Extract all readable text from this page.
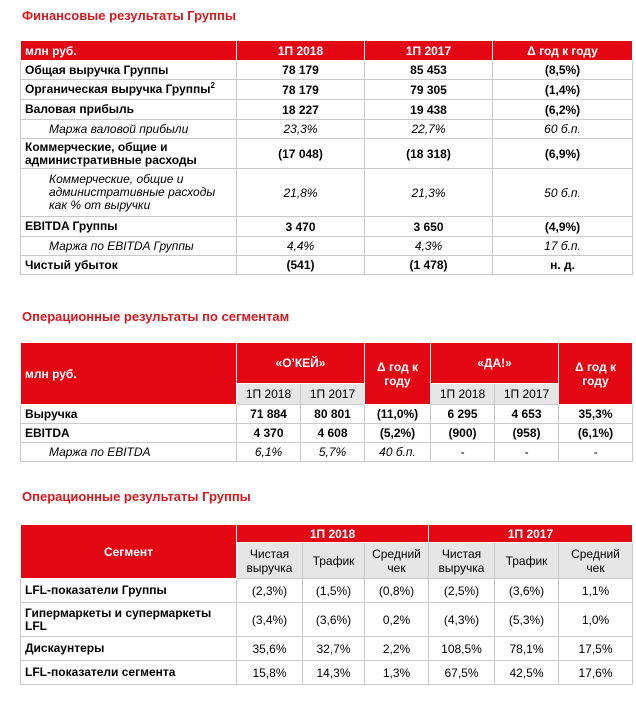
Финансовые результаты Группы
млн руб.	1П 2018	1П 2017	Δ год к году
Общая выручка Группы	78 179	85 453	(8,5%)
Органическая выручка Группы$^2$	78 179	79 305	(1,4%)
Валовая прибыль	18 227	19 438	(6,2%)
Маржа валовой прибыли	23,3%	22,7%	60 б.п.
Коммерческие, общие и административные расходы	(17 048)	(18 318)	(6,9%)
Коммерческие, общие и административные расходы как % от выручки	21,8%	21,3%	50 б.п.
EBITDA Группы	3 470	3 650	(4,9%)
Маржа по EBITDA Группы	4,4%	4,3%	17 б.п.
Чистый убыток	(541)	(1 478)	н. д.
Операционные результаты по сегментам
млн руб.	«О’КЕЙ»		Δ год к году	«ДА!»		Δ год к году
	1П 2018	1П 2017		1П 2018	1П 2017	
Выручка	71 884	80 801	(11,0%)	6 295	4 653	35,3%
EBITDA	4 370	4 608	(5,2%)	(900)	(958)	(6,1%)
Маржа по EBITDA	6,1%	5,7%	40 б.п.	-	-	-
Операционные результаты Группы
Сегмент	1П 2018			1П 2017		
	Чистая выручка	Трафик	Средний чек	Чистая выручка	Трафик	Средний чек
LFL-показатели Группы	(2,3%)	(1,5%)	(0,8%)	(2,5%)	(3,6%)	1,1%
Гипермаркеты и супермаркеты LFL	(3,4%)	(3,6%)	0,2%	(4,3%)	(5,3%)	1,0%
Дискаунтеры	35,6%	32,7%	2,2%	108,5%	78,1%	17,5%
LFL-показатели сегмента	15,8%	14,3%	1,3%	67,5%	42,5%	17,6%
